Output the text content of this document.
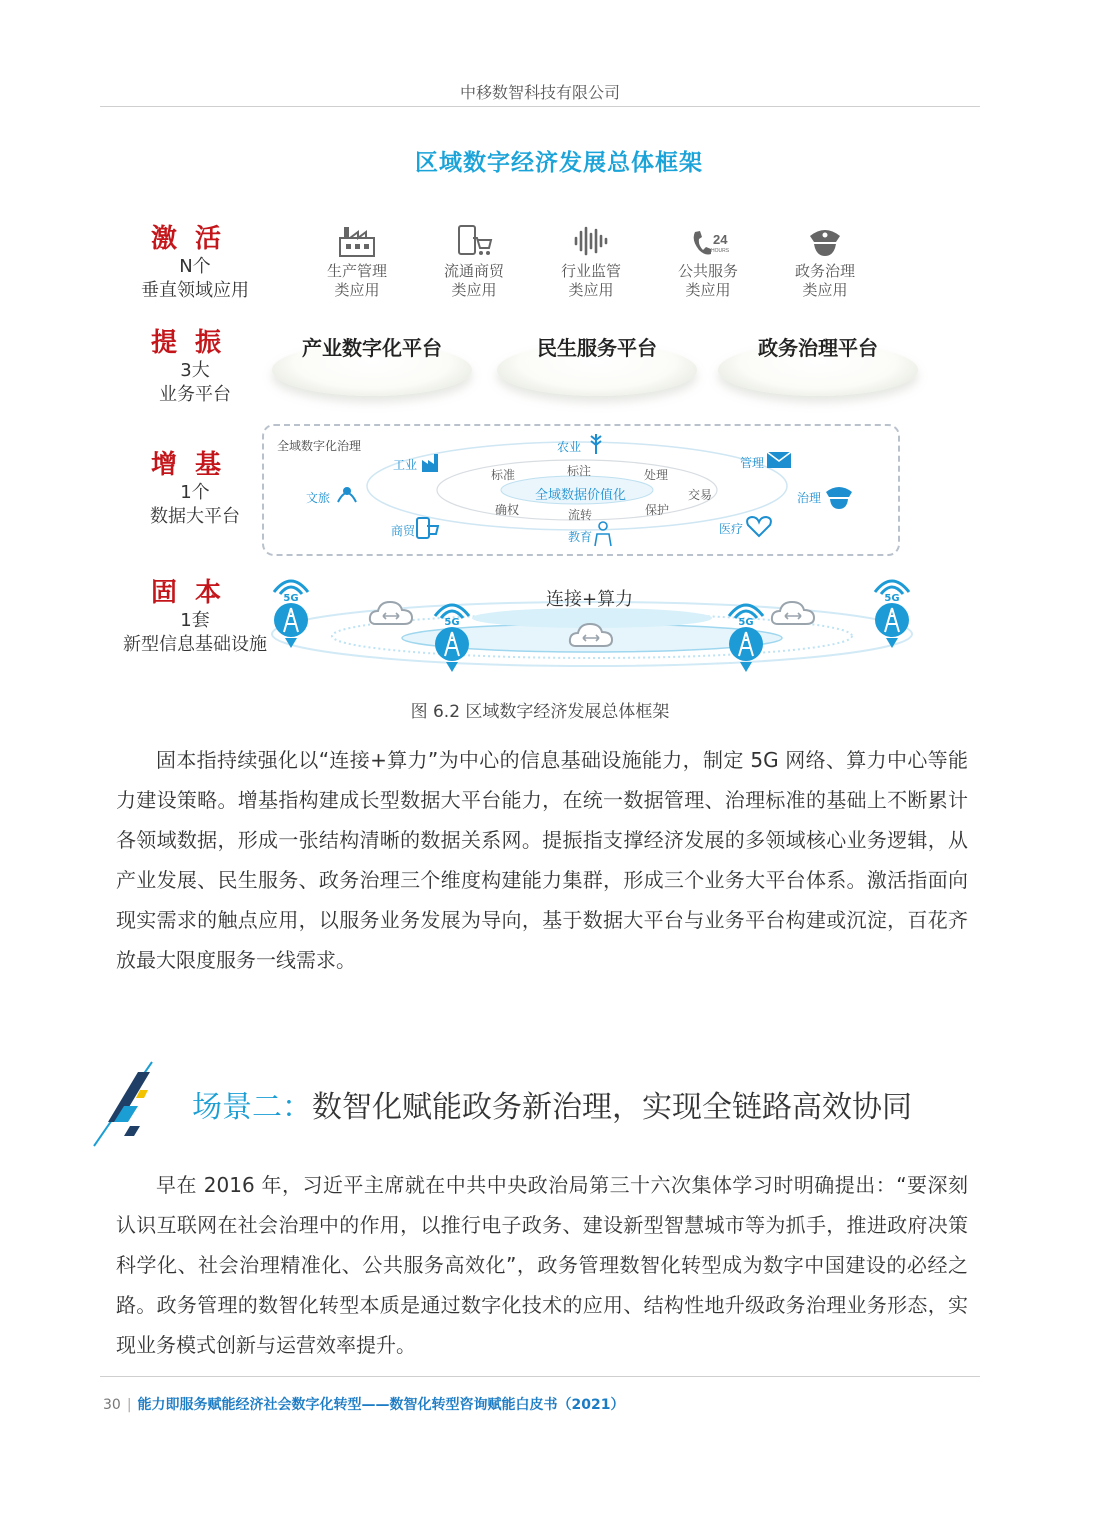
中移数智科技有限公司
区域数字经济发展总体框架
激活
N个
垂直领域应用
提振
3大
业务平台
增基
1个
数据大平台
固本
1套
新型信息基础设施
生产管理
类应用
流通商贸
类应用
行业监管
类应用
24
HOURS
公共服务
类应用
政务治理
类应用
产业数字化平台	民生服务平台	政务治理平台
全域数字化治理
全域数据价值化
工业
农业
管理
文旅	治理
商贸	教育
医疗
标准	标注	处理
确权
交易
流转	保护
连接+算力
5G
5G	5G
5G
图 6.2 区域数字经济发展总体框架
固本指持续强化以“连接+算力”为中心的信息基础设施能力，制定 5G 网络、算力中心等能力建设策略。增基指构建成长型数据大平台能力，在统一数据管理、治理标准的基础上不断累计各领域数据，形成一张结构清晰的数据关系网。提振指支撑经济发展的多领域核心业务逻辑，从产业发展、民生服务、政务治理三个维度构建能力集群，形成三个业务大平台体系。激活指面向现实需求的触点应用，以服务业务发展为导向，基于数据大平台与业务平台构建或沉淀，百花齐放最大限度服务一线需求。
场景二：数智化赋能政务新治理，实现全链路高效协同
早在 2016 年，习近平主席就在中共中央政治局第三十六次集体学习时明确提出：“要深刻认识互联网在社会治理中的作用，以推行电子政务、建设新型智慧城市等为抓手，推进政府决策科学化、社会治理精准化、公共服务高效化”，政务管理数智化转型成为数字中国建设的必经之路。政务管理的数智化转型本质是通过数字化技术的应用、结构性地升级政务治理业务形态，实现业务模式创新与运营效率提升。
30 | 能力即服务赋能经济社会数字化转型——数智化转型咨询赋能白皮书（2021）
